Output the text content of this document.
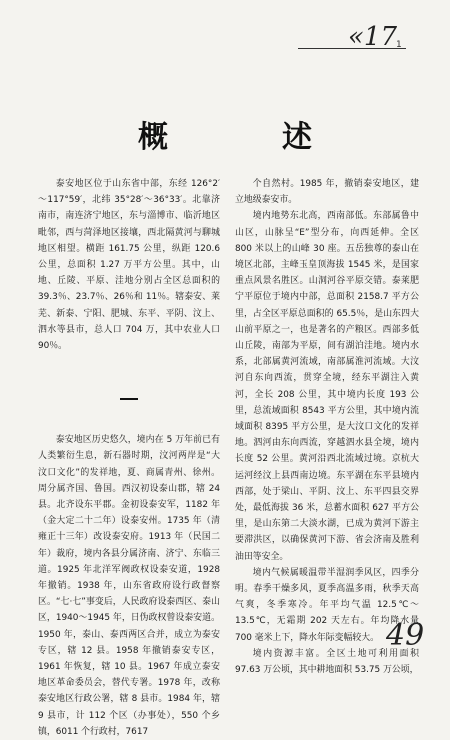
«17 1
概　述

泰安地区位于山东省中部，东经 126°2′～117°59′，北纬 35°28′～36°33′。北靠济南市，南连济宁地区，东与淄博市、临沂地区毗邻，西与菏泽地区接壤，西北隔黄河与聊城地区相望。横距 161.75 公里，纵距 120.6 公里，总面积 1.27 万平方公里。其中，山地、丘陵、平原、洼地分别占全区总面积的 39.3％、23.7％、26％和 11％。辖泰安、莱芜、新泰、宁阳、肥城、东平、平阴、汶上、泗水等县市，总人口 704 万，其中农业人口 90％。

泰安地区历史悠久，境内在 5 万年前已有人类繁衍生息，新石器时期，汶河两岸是“大汶口文化”的发祥地，夏、商属青州、徐州。周分属齐国、鲁国。西汉初设泰山郡，辖 24 县。北齐设东平郡。金初设泰安军，1182 年（金大定二十二年）设泰安州。1735 年（清雍正十三年）改设泰安府。1913 年（民国二年）裁府，境内各县分属济南、济宁、东临三道。1925 年北洋军阀政权设泰安道，1928 年撤销。1938 年，山东省政府设行政督察区。“七·七”事变后，人民政府设泰西区、泰山区，1940～1945 年，日伪政权曾设泰安道。1950 年，泰山、泰西两区合并，成立为泰安专区，辖 12 县。1958 年撤销泰安专区，1961 年恢复，辖 10 县。1967 年成立泰安地区革命委员会，替代专署。1978 年，改称泰安地区行政公署，辖 8 县市。1984 年，辖 9 县市，计 112 个区（办事处），550 个乡镇，6011 个行政村，7617

个自然村。1985 年，撤销泰安地区，建立地级泰安市。

境内地势东北高，西南部低。东部属鲁中山区，山脉呈“E”型分布，向西延伸。全区 800 米以上的山峰 30 座。五岳独尊的泰山在境区北部，主峰玉皇顶海拔 1545 米，是国家重点风景名胜区。山洞河谷平原交错。泰莱肥宁平原位于境内中部，总面积 2158.7 平方公里，占全区平原总面积的 65.5％，是山东四大山前平原之一，也是著名的产粮区。西部多低山丘陵，南部为平原，间有湖泊洼地。境内水系，北部属黄河流域，南部属淮河流域。大汶河自东向西流，贯穿全境，经东平湖注入黄河，全长 208 公里，其中境内长度 193 公里，总流域面积 8543 平方公里，其中境内流域面积 8395 平方公里，是大汶口文化的发祥地。泗河由东向西流，穿越泗水县全境，境内长度 52 公里。黄河沿西北流域过境。京杭大运河经汶上县西南边境。东平湖在东平县境内西部，处于梁山、平阴、汶上、东平四县交界处，最低海拔 36 米，总蓄水面积 627 平方公里，是山东第二大淡水湖，已成为黄河下游主要滞洪区，以确保黄河下游、省会济南及胜利油田等安全。

境内气候属暖温带半湿润季风区，四季分明。春季干燥多风，夏季高温多雨，秋季天高气爽，冬季寒冷。年平均气温 12.5℃～13.5℃，无霜期 202 天左右。年均降水量 700 毫米上下，降水年际变幅较大。

境内资源丰富。全区土地可利用面积 97.63 万公顷，其中耕地面积 53.75 万公顷，

49
